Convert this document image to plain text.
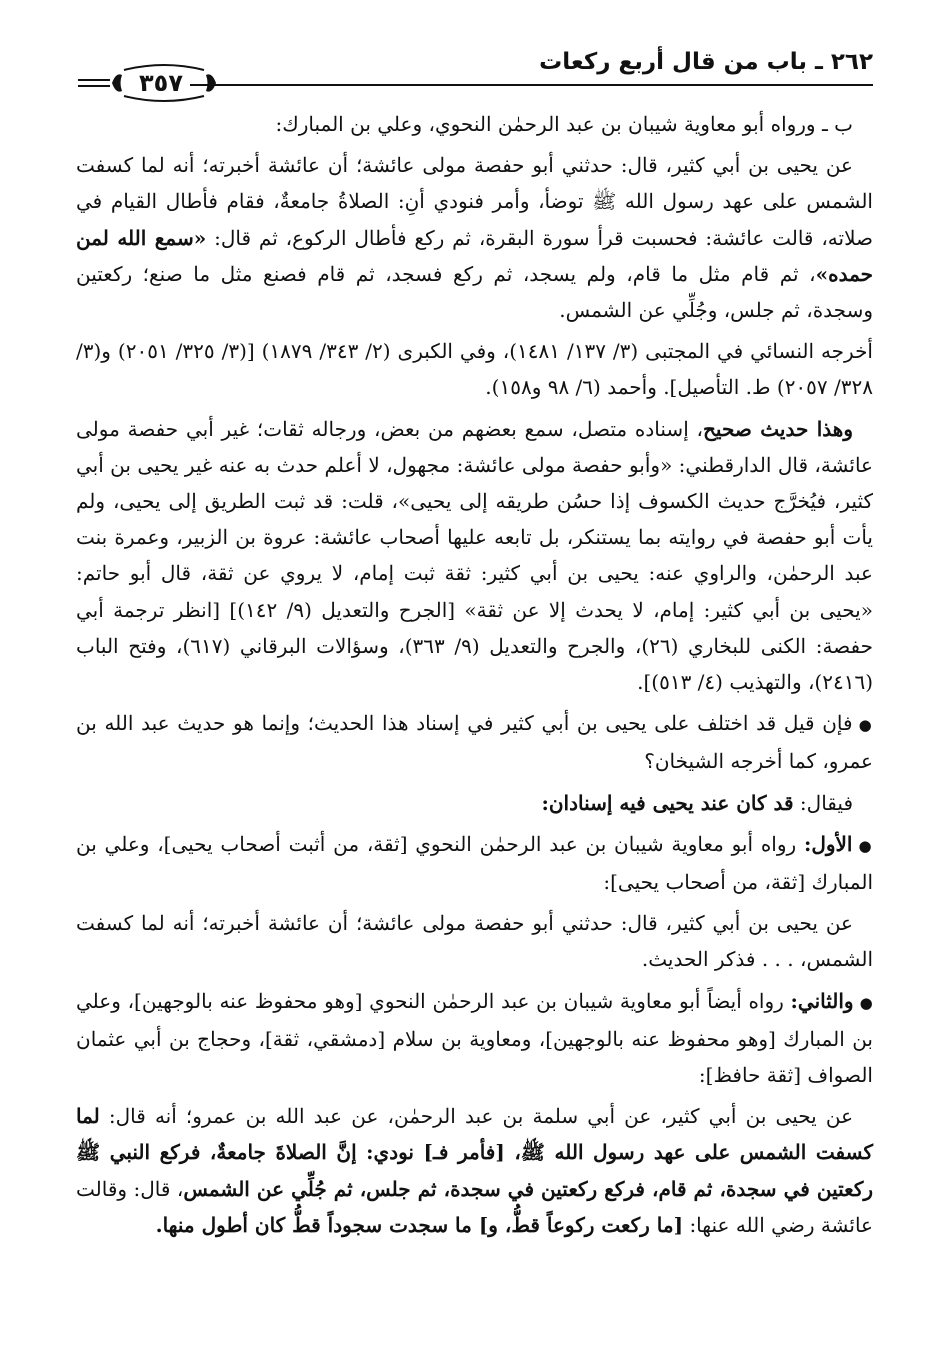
٢٦٢ ـ باب من قال أربع ركعات
٣٥٧

ب ـ ورواه أبو معاوية شيبان بن عبد الرحمٰن النحوي، وعلي بن المبارك:

عن يحيى بن أبي كثير، قال: حدثني أبو حفصة مولى عائشة؛ أن عائشة أخبرته؛ أنه لما كسفت الشمس على عهد رسول الله ﷺ توضأ، وأمر فنودي أنِ: الصلاةُ جامعةٌ، فقام فأطال القيام في صلاته، قالت عائشة: فحسبت قرأ سورة البقرة، ثم ركع فأطال الركوع، ثم قال: «سمع الله لمن حمده»، ثم قام مثل ما قام، ولم يسجد، ثم ركع فسجد، ثم قام فصنع مثل ما صنع؛ ركعتين وسجدة، ثم جلس، وجُلِّي عن الشمس.

أخرجه النسائي في المجتبى (٣/ ١٣٧/ ١٤٨١)، وفي الكبرى (٢/ ٣٤٣/ ١٨٧٩) [(٣/ ٣٢٥/ ٢٠٥١) و(٣/ ٣٢٨/ ٢٠٥٧) ط. التأصيل]. وأحمد (٦/ ٩٨ و١٥٨).

وهذا حديث صحيح، إسناده متصل، سمع بعضهم من بعض، ورجاله ثقات؛ غير أبي حفصة مولى عائشة، قال الدارقطني: «وأبو حفصة مولى عائشة: مجهول، لا أعلم حدث به عنه غير يحيى بن أبي كثير، فيُخرَّج حديث الكسوف إذا حسُن طريقه إلى يحيى»، قلت: قد ثبت الطريق إلى يحيى، ولم يأت أبو حفصة في روايته بما يستنكر، بل تابعه عليها أصحاب عائشة: عروة بن الزبير، وعمرة بنت عبد الرحمٰن، والراوي عنه: يحيى بن أبي كثير: ثقة ثبت إمام، لا يروي عن ثقة، قال أبو حاتم: «يحيى بن أبي كثير: إمام، لا يحدث إلا عن ثقة» [الجرح والتعديل (٩/ ١٤٢)] [انظر ترجمة أبي حفصة: الكنى للبخاري (٢٦)، والجرح والتعديل (٩/ ٣٦٣)، وسؤالات البرقاني (٦١٧)، وفتح الباب (٢٤١٦)، والتهذيب (٤/ ٥١٣)].

●فإن قيل قد اختلف على يحيى بن أبي كثير في إسناد هذا الحديث؛ وإنما هو حديث عبد الله بن عمرو، كما أخرجه الشيخان؟

فيقال: قد كان عند يحيى فيه إسنادان:

●الأول: رواه أبو معاوية شيبان بن عبد الرحمٰن النحوي [ثقة، من أثبت أصحاب يحيى]، وعلي بن المبارك [ثقة، من أصحاب يحيى]:

عن يحيى بن أبي كثير، قال: حدثني أبو حفصة مولى عائشة؛ أن عائشة أخبرته؛ أنه لما كسفت الشمس، . . . فذكر الحديث.

●والثاني: رواه أيضاً أبو معاوية شيبان بن عبد الرحمٰن النحوي [وهو محفوظ عنه بالوجهين]، وعلي بن المبارك [وهو محفوظ عنه بالوجهين]، ومعاوية بن سلام [دمشقي، ثقة]، وحجاج بن أبي عثمان الصواف [ثقة حافظ]:

عن يحيى بن أبي كثير، عن أبي سلمة بن عبد الرحمٰن، عن عبد الله بن عمرو؛ أنه قال: لما كسفت الشمس على عهد رسول الله ﷺ، [فأمر فـ] نودي: إنَّ الصلاةَ جامعةٌ، فركع النبي ﷺ ركعتين في سجدة، ثم قام، فركع ركعتين في سجدة، ثم جلس، ثم جُلِّي عن الشمس، قال: وقالت عائشة رضي الله عنها: [ما ركعت ركوعاً قطُّ، و] ما سجدت سجوداً قطُّ كان أطول منها.
